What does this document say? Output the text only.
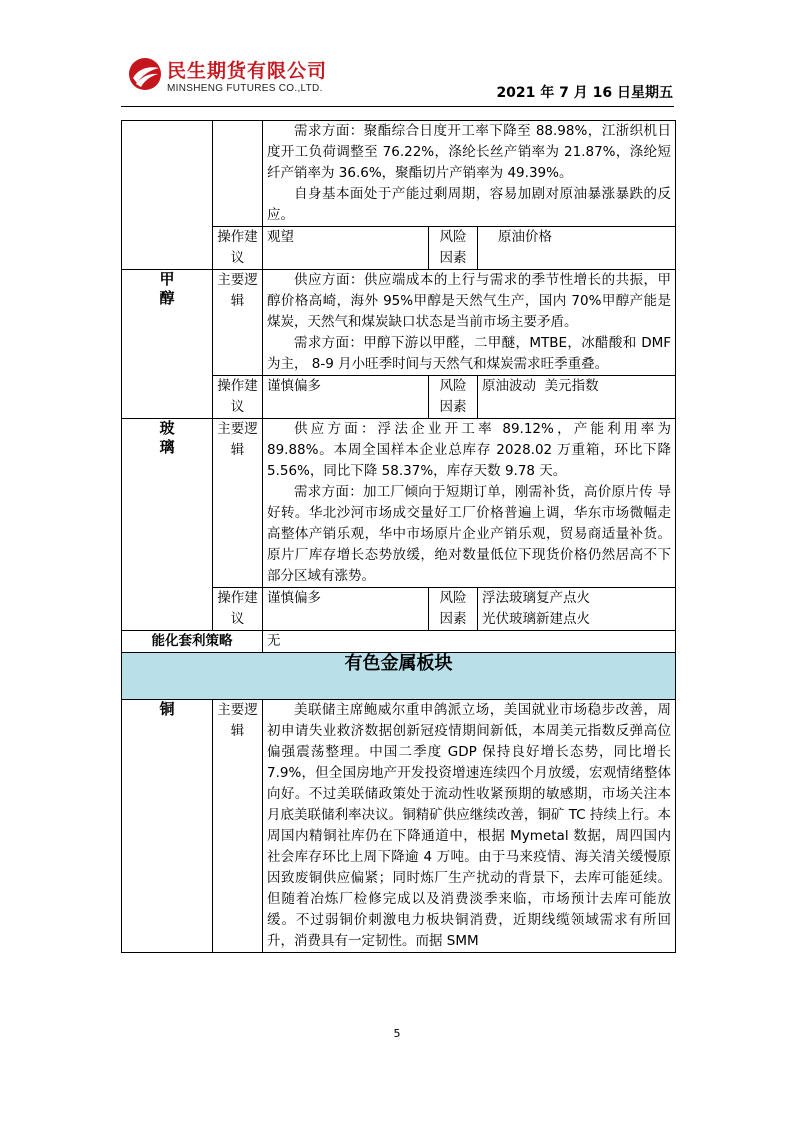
民生期货有限公司
MINSHENG FUTURES CO.,LTD.	2021 年 7 月 16 日星期五

		需求方面：聚酯综合日度开工率下降至 88.98%，江浙织机日度开工负荷调整至 76.22%，涤纶长丝产销率为 21.87%，涤纶短纤产销率为 36.6%，聚酯切片产销率为 49.39%。

自身基本面处于产能过剩周期，容易加剧对原油暴涨暴跌的反应。		

	操作建议	观望	风险因素	原油价格

甲醇	主要逻辑	供应方面：供应端成本的上行与需求的季节性增长的共振，甲醇价格高崎，海外 95%甲醇是天然气生产，国内 70%甲醇产能是煤炭，天然气和煤炭缺口状态是当前市场主要矛盾。

需求方面：甲醇下游以甲醛，二甲醚，MTBE，冰醋酸和 DMF 为主， 8-9 月小旺季时间与天然气和煤炭需求旺季重叠。		

	操作建议	谨慎偏多	风险因素	原油波动  美元指数

玻璃	主要逻辑	供应方面：浮法企业开工率 89.12%，产能利用率为 89.88%。本周全国样本企业总库存 2028.02 万重箱，环比下降 5.56%，同比下降 58.37%，库存天数 9.78 天。

需求方面：加工厂倾向于短期订单，刚需补货，高价原片传 导好转。华北沙河市场成交量好工厂价格普遍上调，华东市场微幅走高整体产销乐观，华中市场原片企业产销乐观，贸易商适量补货。原片厂库存增长态势放缓，绝对数量低位下现货价格仍然居高不下部分区域有涨势。		

	操作建议	谨慎偏多	风险因素	浮法玻璃复产点火
光伏玻璃新建点火

能化套利策略		无		
有色金属板块				
铜	主要逻辑	美联储主席鲍威尔重申鸽派立场，美国就业市场稳步改善，周初申请失业救济数据创新冠疫情期间新低，本周美元指数反弹高位偏强震荡整理。中国二季度 GDP 保持良好增长态势，同比增长 7.9%，但全国房地产开发投资增速连续四个月放缓，宏观情绪整体向好。不过美联储政策处于流动性收紧预期的敏感期，市场关注本月底美联储利率决议。铜精矿供应继续改善，铜矿 TC 持续上行。本周国内精铜社库仍在下降通道中，根据 Mymetal 数据，周四国内社会库存环比上周下降逾 4 万吨。由于马来疫情、海关清关缓慢原因致废铜供应偏紧；同时炼厂生产扰动的背景下，去库可能延续。但随着冶炼厂检修完成以及消费淡季来临，市场预计去库可能放缓。不过弱铜价刺激电力板块铜消费，近期线缆领域需求有所回升，消费具有一定韧性。而据 SMM		

5
